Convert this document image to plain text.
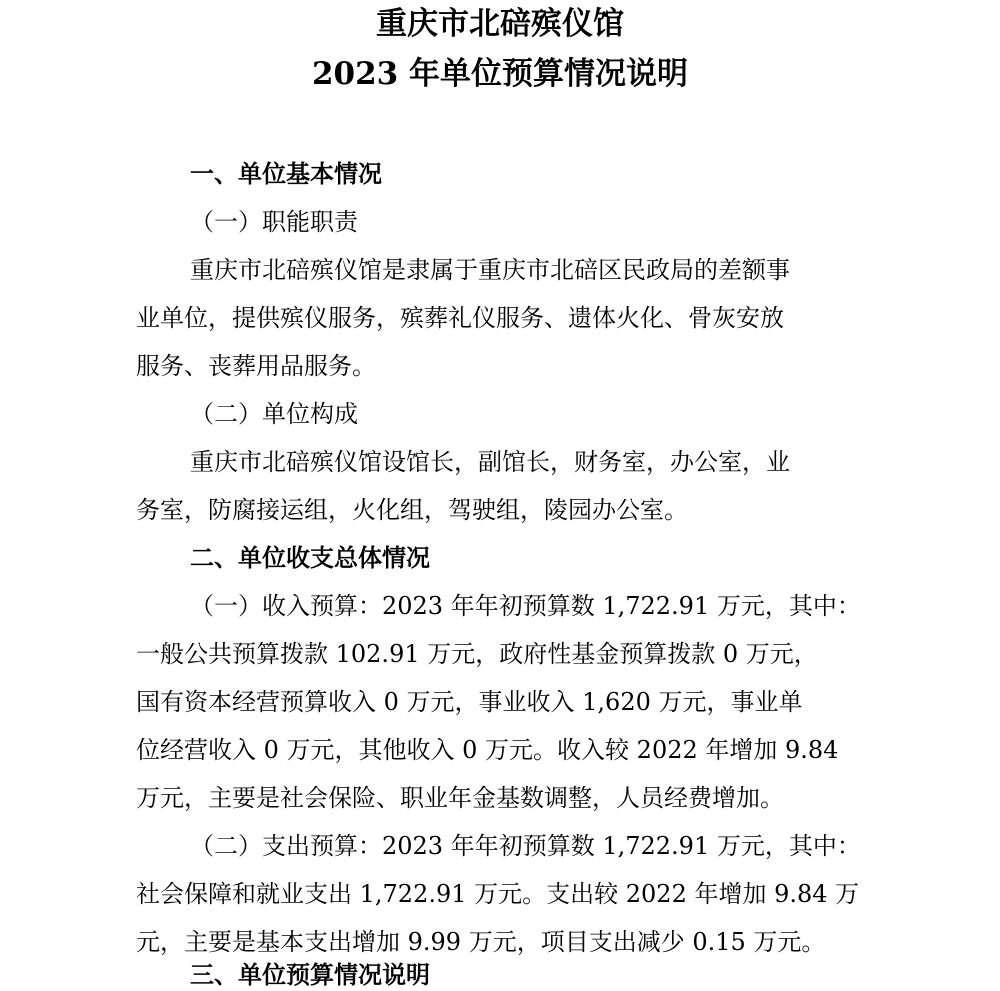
重庆市北碚殡仪馆
2023 年单位预算情况说明
一、单位基本情况
（一）职能职责
重庆市北碚殡仪馆是隶属于重庆市北碚区民政局的差额事
业单位，提供殡仪服务，殡葬礼仪服务、遗体火化、骨灰安放
服务、丧葬用品服务。
（二）单位构成
重庆市北碚殡仪馆设馆长，副馆长，财务室，办公室，业
务室，防腐接运组，火化组，驾驶组，陵园办公室。
二、单位收支总体情况
（一）收入预算：2023 年年初预算数 1,722.91 万元，其中：
一般公共预算拨款 102.91 万元，政府性基金预算拨款 0 万元，
国有资本经营预算收入 0 万元，事业收入 1,620 万元，事业单
位经营收入 0 万元，其他收入 0 万元。收入较 2022 年增加 9.84
万元，主要是社会保险、职业年金基数调整，人员经费增加。
（二）支出预算：2023 年年初预算数 1,722.91 万元，其中：
社会保障和就业支出 1,722.91 万元。支出较 2022 年增加 9.84 万
元，主要是基本支出增加 9.99 万元，项目支出减少 0.15 万元。
三、单位预算情况说明
